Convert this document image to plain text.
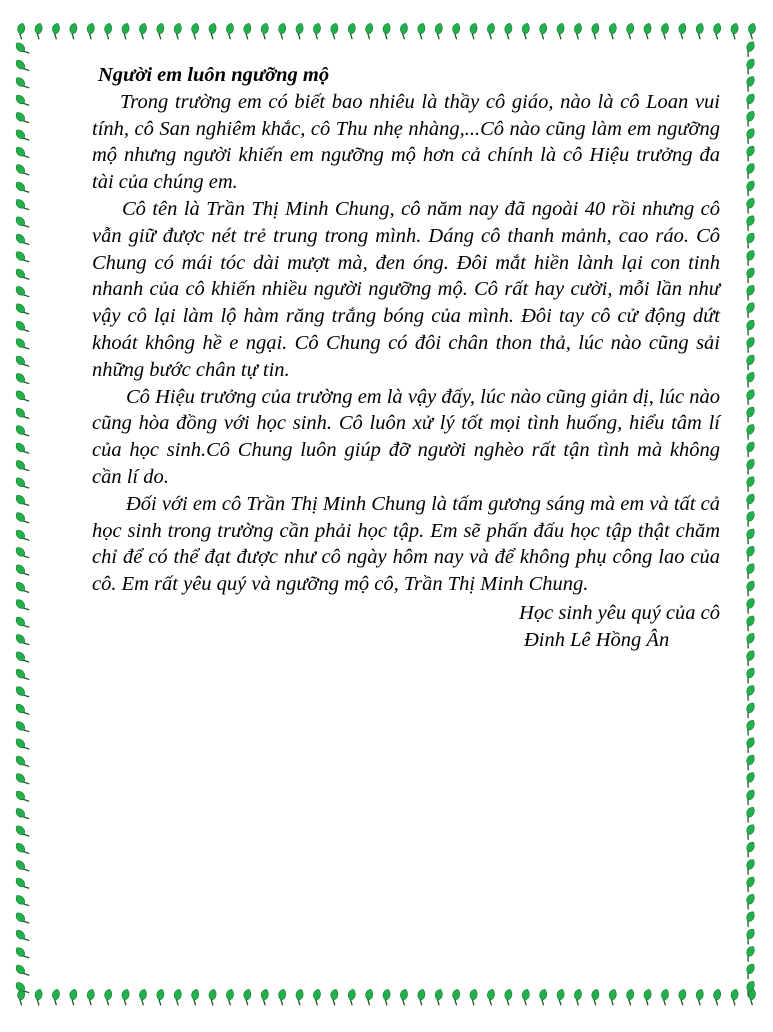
Người em luôn ngưỡng mộ

Trong trường em có biết bao nhiêu là thầy cô giáo, nào là cô Loan vui tính, cô San nghiêm khắc, cô Thu nhẹ nhàng,...Cô nào cũng làm em ngưỡng mộ nhưng người khiến em ngưỡng mộ hơn cả chính là cô Hiệu trưởng đa tài của chúng em.

Cô tên là Trần Thị Minh Chung, cô năm nay đã ngoài 40 rồi nhưng cô vẫn giữ được nét trẻ trung trong mình. Dáng cô thanh mảnh, cao ráo. Cô Chung có mái tóc dài mượt mà, đen óng. Đôi mắt hiền lành lại con tinh nhanh của cô khiến nhiều người ngưỡng mộ. Cô rất hay cười, mỗi lần như vậy cô lại làm lộ hàm răng trắng bóng của mình. Đôi tay cô cử động dứt khoát không hề e ngại. Cô Chung có đôi chân thon thả, lúc nào cũng sải những bước chân tự tin.

Cô Hiệu trưởng của trường em là vậy đấy, lúc nào cũng giản dị, lúc nào cũng hòa đồng với học sinh. Cô luôn xử lý tốt mọi tình huống, hiểu tâm lí của học sinh.Cô Chung luôn giúp đỡ người nghèo rất tận tình mà không cần lí do.

Đối với em cô Trần Thị Minh Chung là tấm gương sáng mà em và tất cả học sinh trong trường cần phải học tập. Em sẽ phấn đấu học tập thật chăm chỉ để có thể đạt được như cô ngày hôm nay và để không phụ công lao của cô. Em rất yêu quý và ngưỡng mộ cô, Trần Thị Minh Chung.

Học sinh yêu quý của cô
Đinh Lê Hồng Ân
